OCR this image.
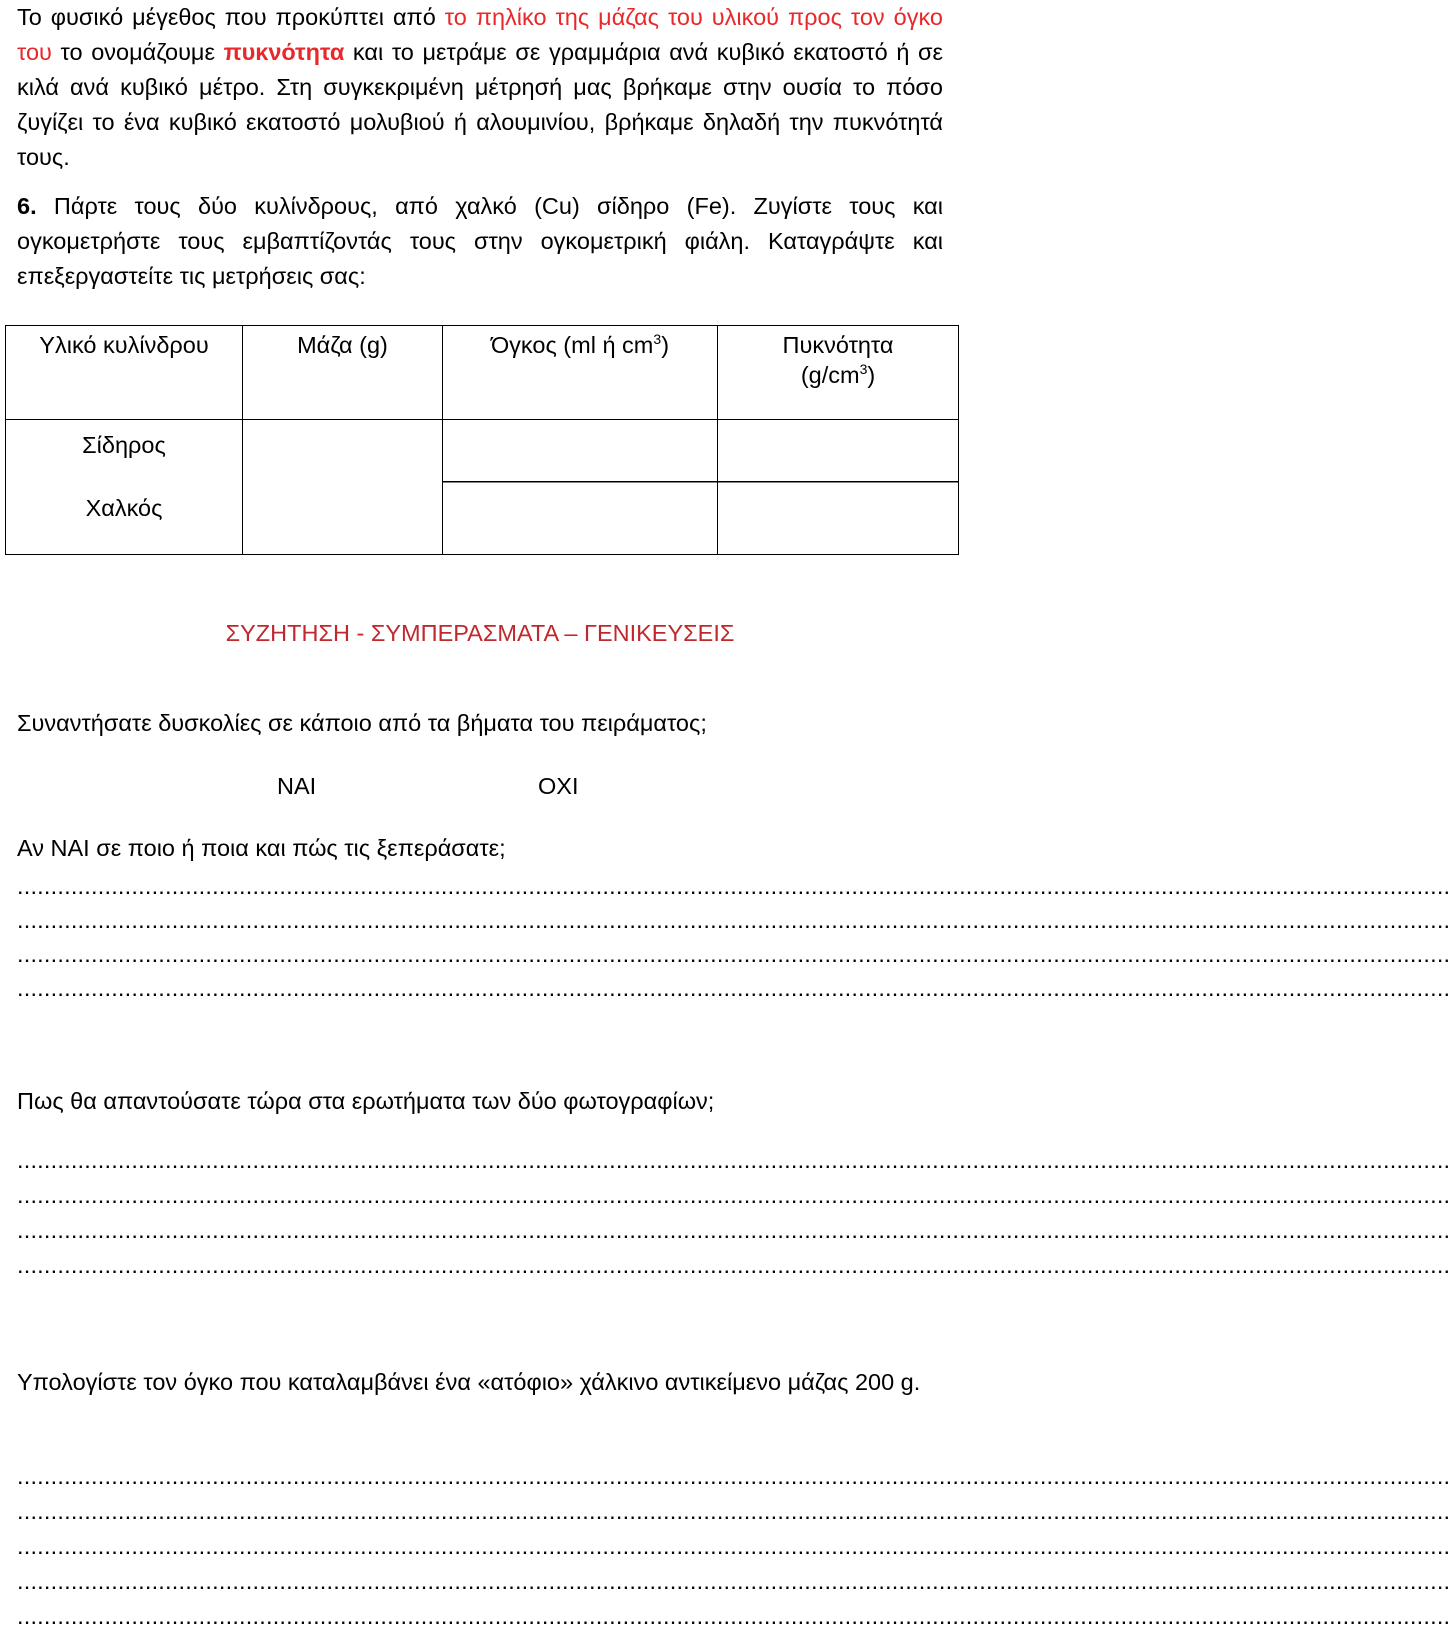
Το φυσικό μέγεθος που προκύπτει από το πηλίκο της μάζας του υλικού προς τον όγκο του το ονομάζουμε πυκνότητα και το μετράμε σε γραμμάρια ανά κυβικό εκατοστό ή σε κιλά ανά κυβικό μέτρο. Στη συγκεκριμένη μέτρησή μας βρήκαμε στην ουσία το πόσο ζυγίζει το ένα κυβικό εκατοστό μολυβιού ή αλουμινίου, βρήκαμε δηλαδή την πυκνότητά τους.
6. Πάρτε τους δύο κυλίνδρους, από χαλκό (Cu) σίδηρο (Fe). Ζυγίστε τους και ογκομετρήστε τους εμβαπτίζοντάς τους στην ογκομετρική φιάλη. Καταγράψτε και επεξεργαστείτε τις μετρήσεις σας:
Υλικό κυλίνδρου	Μάζα (g)	Όγκος (ml ή $cm^3$)	Πυκνότητα
$(g/cm^3)$

Σίδηρος
Χαλκός			

ΣΥΖΗΤΗΣΗ - ΣΥΜΠΕΡΑΣΜΑΤΑ – ΓΕΝΙΚΕΥΣΕΙΣ
Συναντήσατε δυσκολίες σε κάποιο από τα βήματα του πειράματος;
ΝΑΙ	ΟΧΙ
Αν ΝΑΙ σε ποιο ή ποια και πώς τις ξεπεράσατε;
.....................................................................................................................................................................................................................
.....................................................................................................................................................................................................................
.....................................................................................................................................................................................................................
.....................................................................................................................................................................................................................
Πως θα απαντούσατε τώρα στα ερωτήματα των δύο φωτογραφίων;
.....................................................................................................................................................................................................................
.....................................................................................................................................................................................................................
.....................................................................................................................................................................................................................
.....................................................................................................................................................................................................................
Υπολογίστε τον όγκο που καταλαμβάνει ένα «ατόφιο» χάλκινο αντικείμενο μάζας 200 g.
.....................................................................................................................................................................................................................
.....................................................................................................................................................................................................................
.....................................................................................................................................................................................................................
.....................................................................................................................................................................................................................
.....................................................................................................................................................................................................................
